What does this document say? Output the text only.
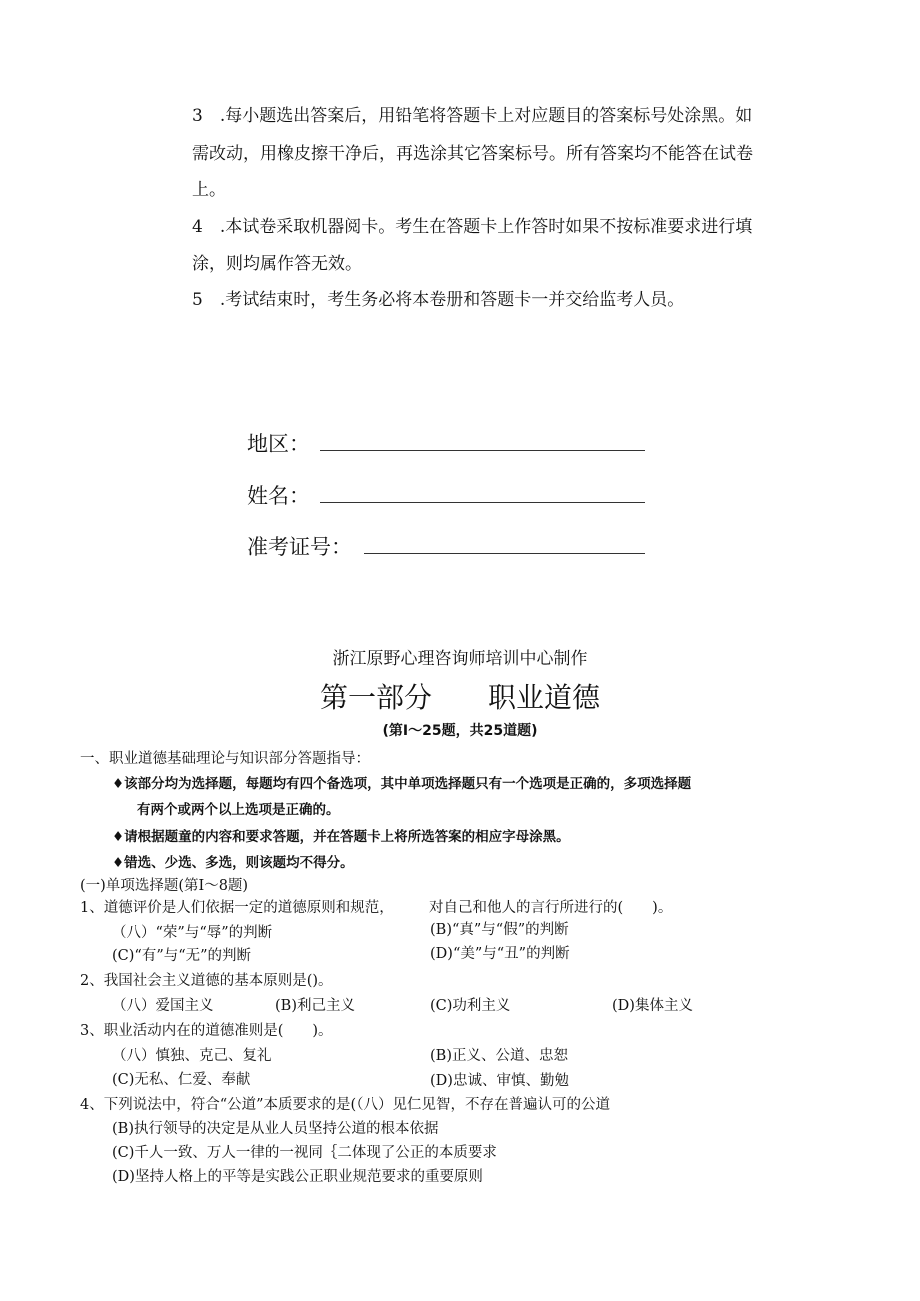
3　.每小题选出答案后，用铅笔将答题卡上对应题目的答案标号处涂黑。如
需改动，用橡皮擦干净后，再选涂其它答案标号。所有答案均不能答在试卷
上。
4　.本试卷采取机器阅卡。考生在答题卡上作答时如果不按标准要求进行填
涂，则均属作答无效。
5　.考试结束时，考生务必将本卷册和答题卡一并交给监考人员。
地区：
姓名：
准考证号：
浙江原野心理咨询师培训中心制作
第一部分　　职业道德
(第I～25题，共25道题)
一、职业道德基础理论与知识部分答题指导：
♦该部分均为选择题，每题均有四个备选项，其中单项选择题只有一个选项是正确的，多项选择题
有两个或两个以上选项是正确的。
♦请根据题童的内容和要求答题，并在答题卡上将所选答案的相应字母涂黑。
♦错选、少选、多选，则该题均不得分。
(一)单项选择题(第I～8题)
1、道德评价是人们依据一定的道德原则和规范， 对自己和他人的言行所进行的(　　)。
（八）“荣”与“辱”的判断	(B)“真”与“假”的判断
(C)“有”与“无”的判断	(D)“美”与“丑”的判断
2、我国社会主义道德的基本原则是()。
（八）爱国主义	(B)利己主义	(C)功利主义	(D)集体主义
3、职业活动内在的道德准则是(　　)。
（八）慎独、克己、复礼	(B)正义、公道、忠恕
(C)无私、仁爱、奉献	(D)忠诚、审慎、勤勉
4、下列说法中，符合“公道”本质要求的是(（八）见仁见智，不存在普遍认可的公道
(B)执行领导的决定是从业人员坚持公道的根本依据
(C)千人一致、万人一律的一视同｛二体现了公正的本质要求
(D)坚持人格上的平等是实践公正职业规范要求的重要原则
